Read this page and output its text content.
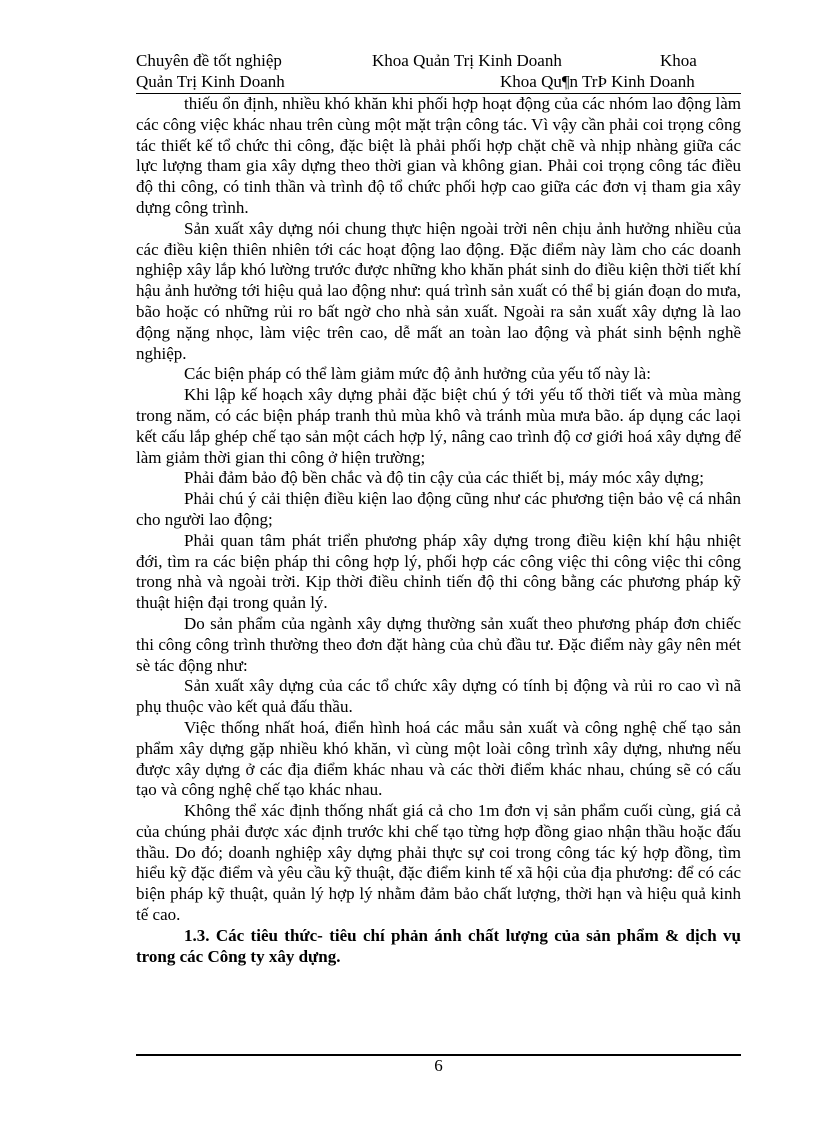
Chuyên đề tốt nghiệp	Khoa Quản Trị Kinh Doanh	Khoa
Quản Trị Kinh Doanh	Khoa Qu¶n TrÞ Kinh Doanh

thiếu ổn định, nhiều khó khăn khi phối hợp hoạt động của các nhóm lao động làm các công việc khác nhau trên cùng một mặt trận công tác. Vì vậy cần phải coi trọng công tác thiết kế tổ chức thi công, đặc biệt là phải phối hợp chặt chẽ và nhịp nhàng giữa các lực lượng tham gia xây dựng theo thời gian và không gian. Phải coi trọng công tác điều độ thi công, có tinh thần và trình độ tổ chức phối hợp cao giữa các đơn vị tham gia xây dựng công trình.

Sản xuất xây dựng nói chung thực hiện ngoài trời nên chịu ảnh hưởng nhiều của các điều kiện thiên nhiên tới các hoạt động lao động. Đặc điểm này làm cho các doanh nghiệp xây lắp khó lường trước được những kho khăn phát sinh do điều kiện thời tiết khí hậu ảnh hưởng tới hiệu quả lao động như: quá trình sản xuất có thể bị gián đoạn do mưa, bão hoặc có những rủi ro bất ngờ cho nhà sản xuất. Ngoài ra sản xuất xây dựng là lao động nặng nhọc, làm việc trên cao, dễ mất an toàn lao động và phát sinh bệnh nghề nghiệp.

Các biện pháp có thể làm giảm mức độ ảnh hưởng của yếu tố này là:

Khi lập kế hoạch xây dựng phải đặc biệt chú ý tới yếu tố thời tiết và mùa màng trong năm, có các biện pháp tranh thủ mùa khô và tránh mùa mưa bão. áp dụng các laọi kết cấu lắp ghép chế tạo sản một cách hợp lý, nâng cao trình độ cơ giới hoá xây dựng để làm giảm thời gian thi công ở hiện trường;

Phải đảm bảo độ bền chắc và độ tin cậy của các thiết bị, máy móc xây dựng;

Phải chú ý cải thiện điều kiện lao động cũng như các phương tiện bảo vệ cá nhân cho người lao động;

Phải quan tâm phát triển phương pháp xây dựng trong điều kiện khí hậu nhiệt đới, tìm ra các biện pháp thi công hợp lý, phối hợp các công việc thi công việc thi công trong nhà và ngoài trời. Kịp thời điều chỉnh tiến độ thi công bằng các phương pháp kỹ thuật hiện đại trong quản lý.

Do sản phẩm của ngành xây dựng thường sản xuất theo phương pháp đơn chiếc thi công công trình thường theo đơn đặt hàng của chủ đầu tư. Đặc điểm này gây nên mét sè tác động như:

Sản xuất xây dựng của các tổ chức xây dựng có tính bị động và rủi ro cao vì nã phụ thuộc vào kết quả đấu thầu.

Việc thống nhất hoá, điển hình hoá các mẫu sản xuất và công nghệ chế tạo sản phẩm xây dựng gặp nhiều khó khăn, vì cùng một loài công trình xây dựng, nhưng nếu được xây dựng ở các địa điểm khác nhau và các thời điểm khác nhau, chúng sẽ có cấu tạo và công nghệ chế tạo khác nhau.

Không thể xác định thống nhất giá cả cho 1m đơn vị sản phẩm cuối cùng, giá cả của chúng phải được xác định trước khi chế tạo từng hợp đồng giao nhận thầu hoặc đấu thầu. Do đó; doanh nghiệp xây dựng phải thực sự coi trong công tác ký hợp đồng, tìm hiểu kỹ đặc điểm và yêu cầu kỹ thuật, đặc điểm kinh tế xã hội của địa phương: để có các biện pháp kỹ thuật, quản lý hợp lý nhằm đảm bảo chất lượng, thời hạn và hiệu quả kinh tế cao.

1.3. Các tiêu thức- tiêu chí phản ánh chất lượng của sản phẩm & dịch vụ trong các Công ty xây dựng.

6
